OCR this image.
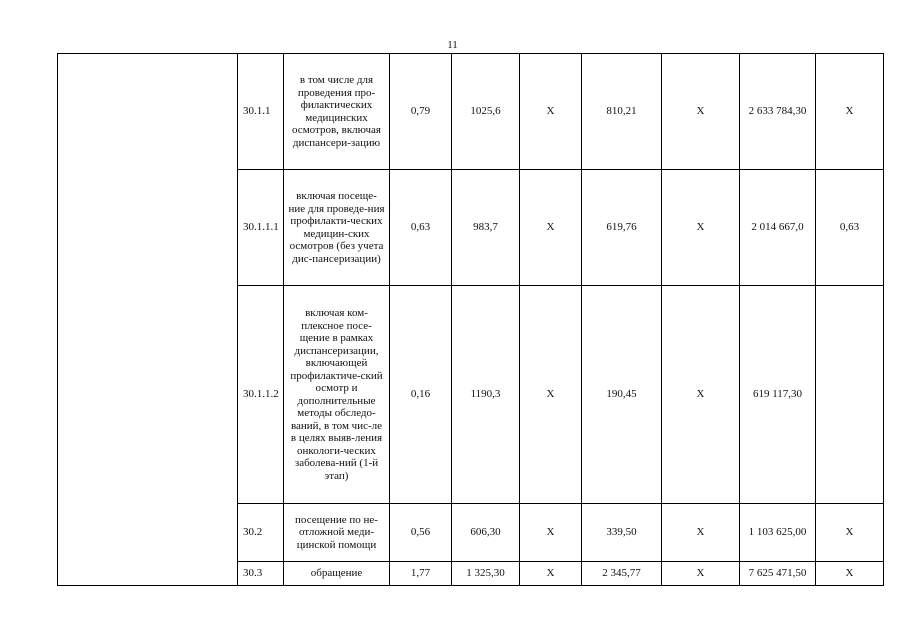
11
	30.1.1	в том числе для проведения про-филактических медицинских осмотров, включая диспансери-зацию	0,79	1025,6	Х	810,21	Х	2 633 784,30	Х
	30.1.1.1	включая посеще-ние для проведе-ния профилакти-ческих медицин-ских осмотров (без учета дис-пансеризации)	0,63	983,7	Х	619,76	Х	2 014 667,0	0,63
	30.1.1.2	включая ком-плексное посе-щение в рамках диспансеризации, включающей профилактиче-ский осмотр и дополнительные методы обследо-ваний, в том чис-ле в целях выяв-ления онкологи-ческих заболева-ний (1-й этап)	0,16	1190,3	Х	190,45	Х	619 117,30	
	30.2	посещение по не-отложной меди-цинской помощи	0,56	606,30	Х	339,50	Х	1 103 625,00	Х
	30.3	обращение	1,77	1 325,30	Х	2 345,77	Х	7 625 471,50	Х
